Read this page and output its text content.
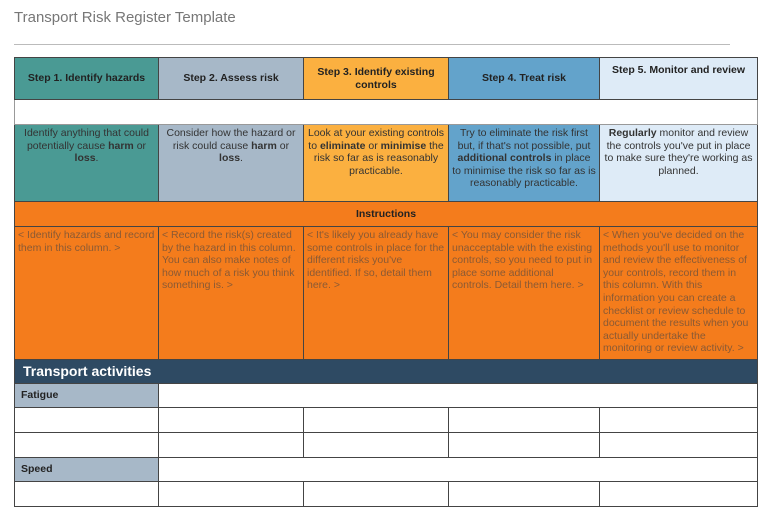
Transport Risk Register Template
Step 1. Identify hazards	Step 2. Assess risk	Step 3. Identify existing controls	Step 4. Treat risk	Step 5. Monitor and review

Identify anything that could potentially cause harm or loss.	Consider how the hazard or risk could cause harm or loss.	Look at your existing controls to eliminate or minimise the risk so far as is reasonably practicable.	Try to eliminate the risk first but, if that's not possible, put additional controls in place to minimise the risk so far as is reasonably practicable.	Regularly monitor and review the controls you've put in place to make sure they're working as planned.
Instructions				
< Identify hazards and record them in this column. >	< Record the risk(s) created by the hazard in this column. You can also make notes of how much of a risk you think something is. >	< It's likely you already have some controls in place for the different risks you've identified. If so, detail them here. >	< You may consider the risk unacceptable with the existing controls, so you need to put in place some additional controls. Detail them here. >	< When you've decided on the methods you'll use to monitor and review the effectiveness of your controls, record them in this column. With this information you can create a checklist or review schedule to document the results when you actually undertake the monitoring or review activity. >
Transport activities				
Fatigue				

Speed				
